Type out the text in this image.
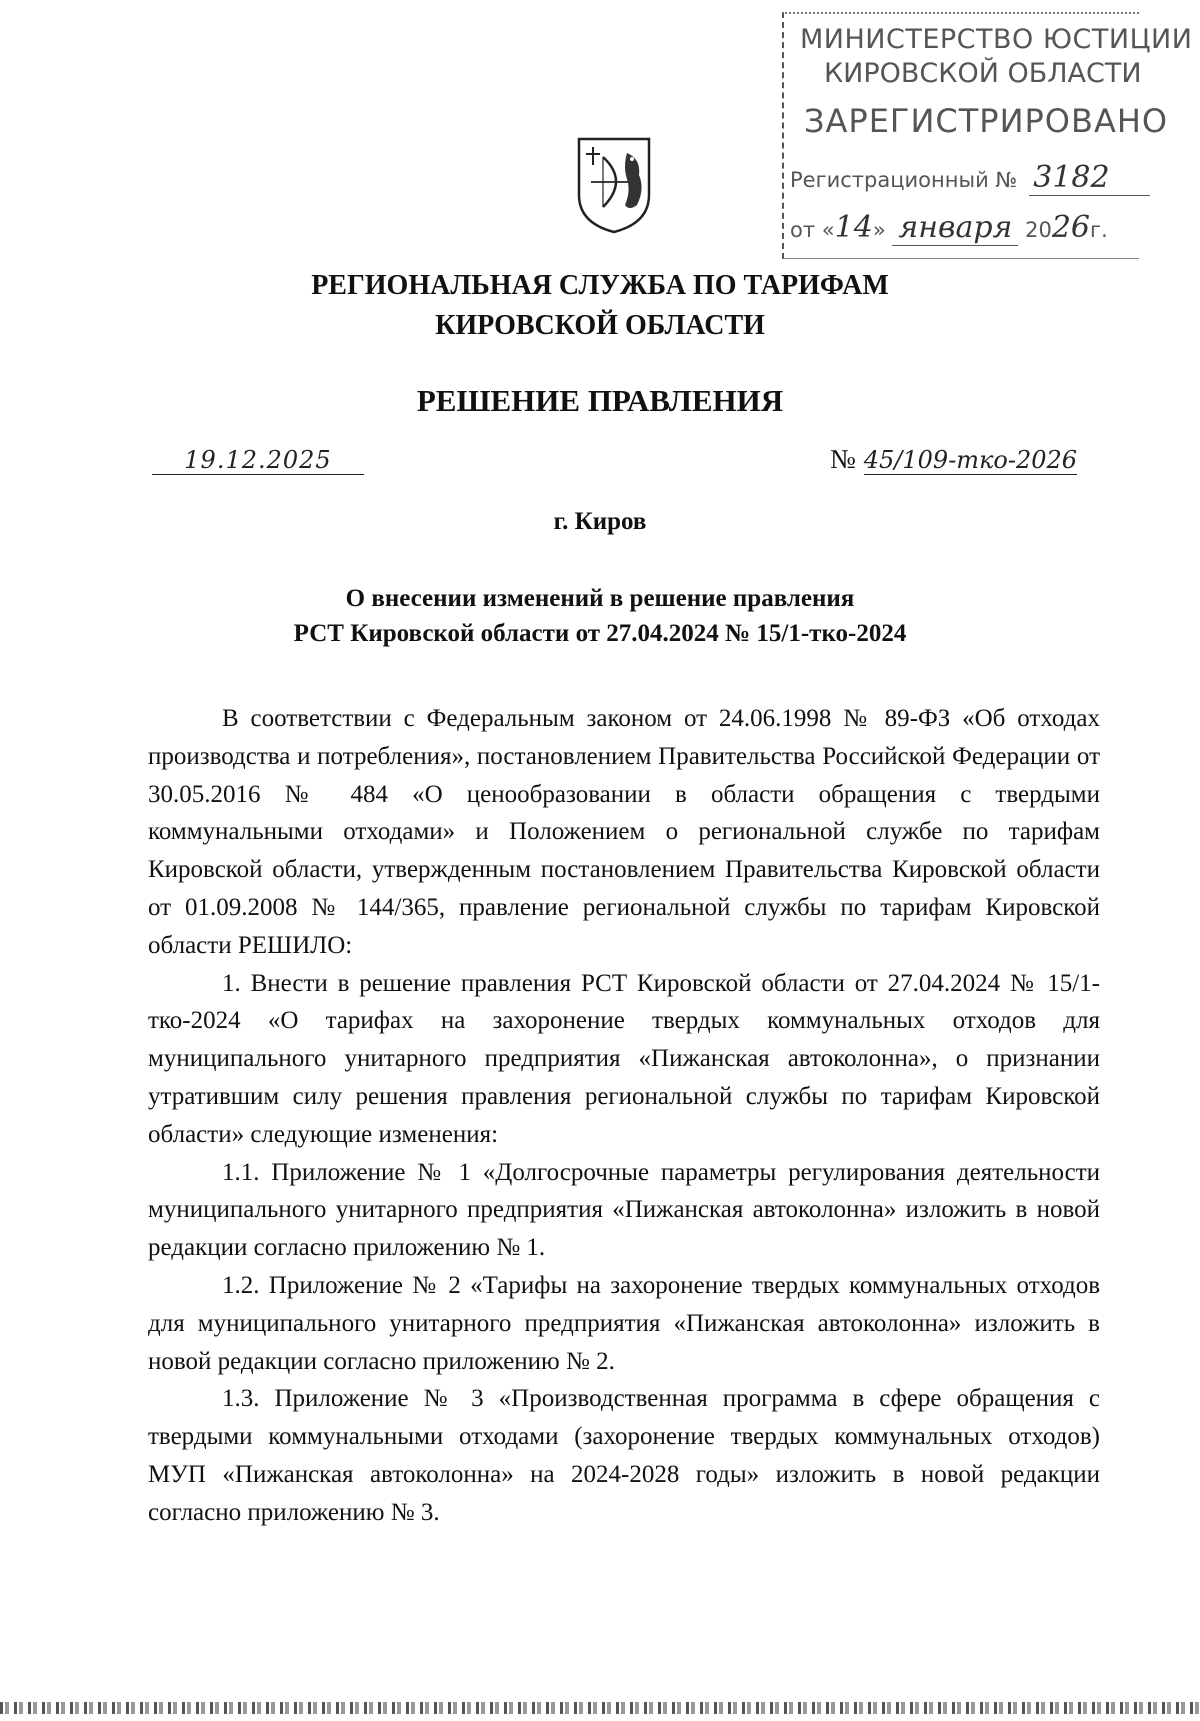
МИНИСТЕРСТВО ЮСТИЦИИ
КИРОВСКОЙ ОБЛАСТИ
ЗАРЕГИСТРИРОВАНО
Регистрационный № 3182
от «14» января 2026г.
РЕГИОНАЛЬНАЯ СЛУЖБА ПО ТАРИФАМ
КИРОВСКОЙ ОБЛАСТИ
РЕШЕНИЕ ПРАВЛЕНИЯ
19.12.2025	№ 45/109-тко-2026
г. Киров
О внесении изменений в решение правления
РСТ Кировской области от 27.04.2024 № 15/1-тко-2024

В соответствии с Федеральным законом от 24.06.1998 № 89-ФЗ «Об отходах производства и потребления», постановлением Правительства Российской Федерации от 30.05.2016 № 484 «О ценообразовании в области обращения с твердыми коммунальными отходами» и Положением о региональной службе по тарифам Кировской области, утвержденным постановлением Правительства Кировской области от 01.09.2008 № 144/365, правление региональной службы по тарифам Кировской области РЕШИЛО:

1. Внести в решение правления РСТ Кировской области от 27.04.2024 № 15/1-тко-2024 «О тарифах на захоронение твердых коммунальных отходов для муниципального унитарного предприятия «Пижанская автоколонна», о признании утратившим силу решения правления региональной службы по тарифам Кировской области» следующие изменения:

1.1. Приложение № 1 «Долгосрочные параметры регулирования деятельности муниципального унитарного предприятия «Пижанская автоколонна» изложить в новой редакции согласно приложению № 1.

1.2. Приложение № 2 «Тарифы на захоронение твердых коммунальных отходов для муниципального унитарного предприятия «Пижанская автоколонна» изложить в новой редакции согласно приложению № 2.

1.3. Приложение № 3 «Производственная программа в сфере обращения с твердыми коммунальными отходами (захоронение твердых коммунальных отходов) МУП «Пижанская автоколонна» на 2024-2028 годы» изложить в новой редакции согласно приложению № 3.
